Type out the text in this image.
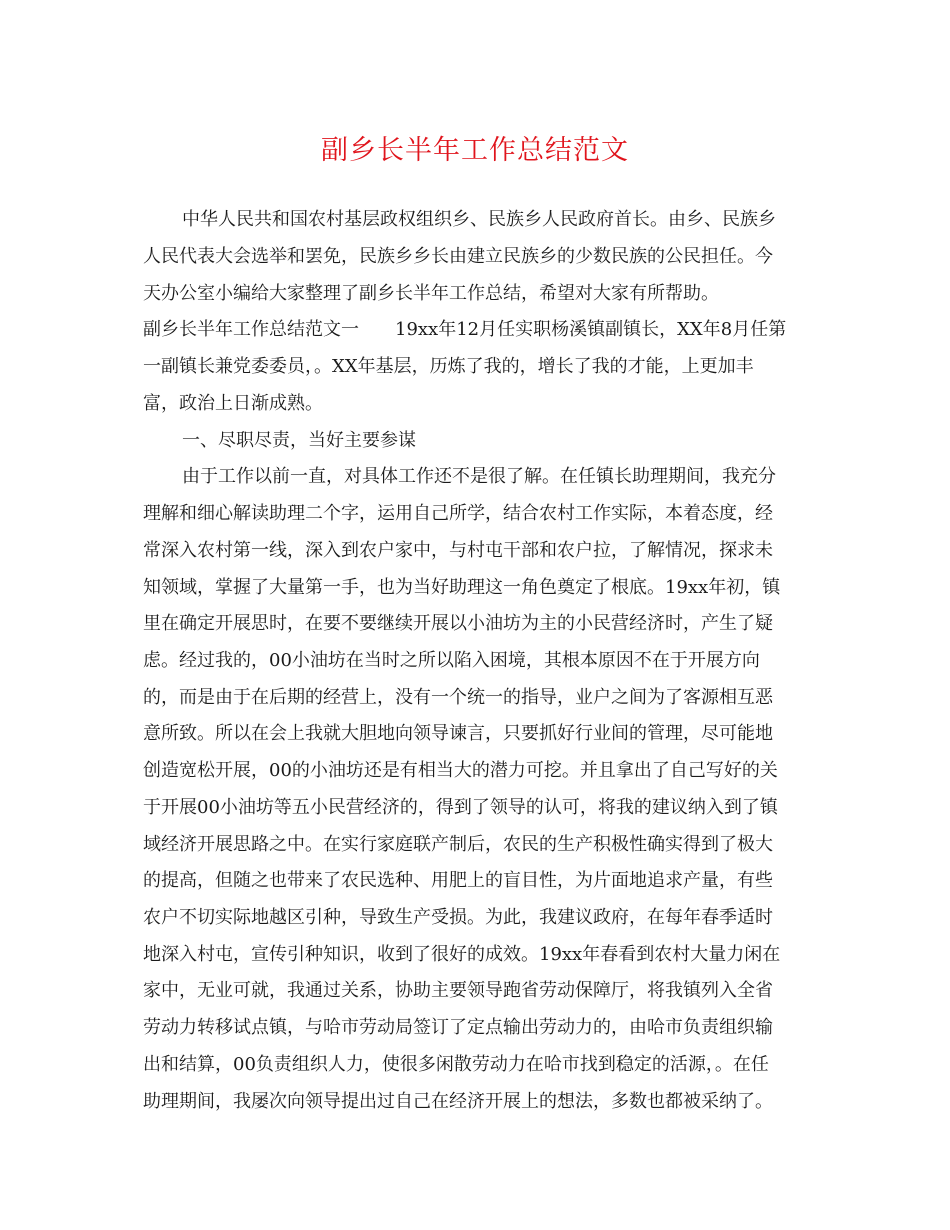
副乡长半年工作总结范文

中华人民共和国农村基层政权组织乡、民族乡人民政府首长。由乡、民族乡

人民代表大会选举和罢免，民族乡乡长由建立民族乡的少数民族的公民担任。今

天办公室小编给大家整理了副乡长半年工作总结，希望对大家有所帮助。

副乡长半年工作总结范文一　　19xx年12月任实职杨溪镇副镇长，XX年8月任第

一副镇长兼党委委员，。XX年基层，历炼了我的，增长了我的才能，上更加丰

富，政治上日渐成熟。

一、尽职尽责，当好主要参谋

由于工作以前一直，对具体工作还不是很了解。在任镇长助理期间，我充分

理解和细心解读助理二个字，运用自己所学，结合农村工作实际，本着态度，经

常深入农村第一线，深入到农户家中，与村屯干部和农户拉，了解情况，探求未

知领域，掌握了大量第一手，也为当好助理这一角色奠定了根底。19xx年初，镇

里在确定开展思时，在要不要继续开展以小油坊为主的小民营经济时，产生了疑

虑。经过我的，00小油坊在当时之所以陷入困境，其根本原因不在于开展方向

的，而是由于在后期的经营上，没有一个统一的指导，业户之间为了客源相互恶

意所致。所以在会上我就大胆地向领导谏言，只要抓好行业间的管理，尽可能地

创造宽松开展，00的小油坊还是有相当大的潜力可挖。并且拿出了自己写好的关

于开展00小油坊等五小民营经济的，得到了领导的认可，将我的建议纳入到了镇

域经济开展思路之中。在实行家庭联产制后，农民的生产积极性确实得到了极大

的提高，但随之也带来了农民选种、用肥上的盲目性，为片面地追求产量，有些

农户不切实际地越区引种，导致生产受损。为此，我建议政府，在每年春季适时

地深入村屯，宣传引种知识，收到了很好的成效。19xx年春看到农村大量力闲在

家中，无业可就，我通过关系，协助主要领导跑省劳动保障厅，将我镇列入全省

劳动力转移试点镇，与哈市劳动局签订了定点输出劳动力的，由哈市负责组织输

出和结算，00负责组织人力，使很多闲散劳动力在哈市找到稳定的活源，。在任

助理期间，我屡次向领导提出过自己在经济开展上的想法，多数也都被采纳了。
